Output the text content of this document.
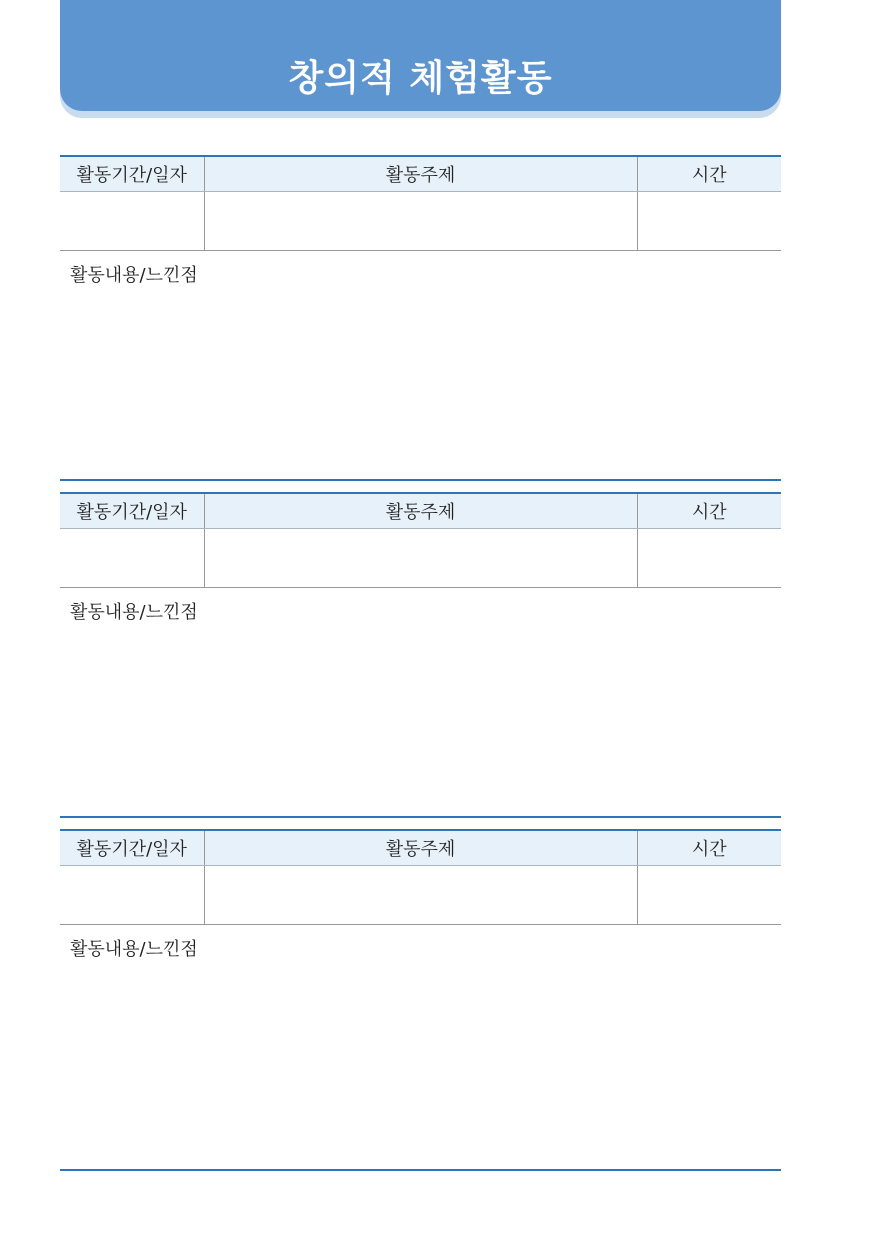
창의적 체험활동
활동기간/일자	활동주제	시간

활동내용/느낀점
활동기간/일자	활동주제	시간

활동내용/느낀점
활동기간/일자	활동주제	시간

활동내용/느낀점
